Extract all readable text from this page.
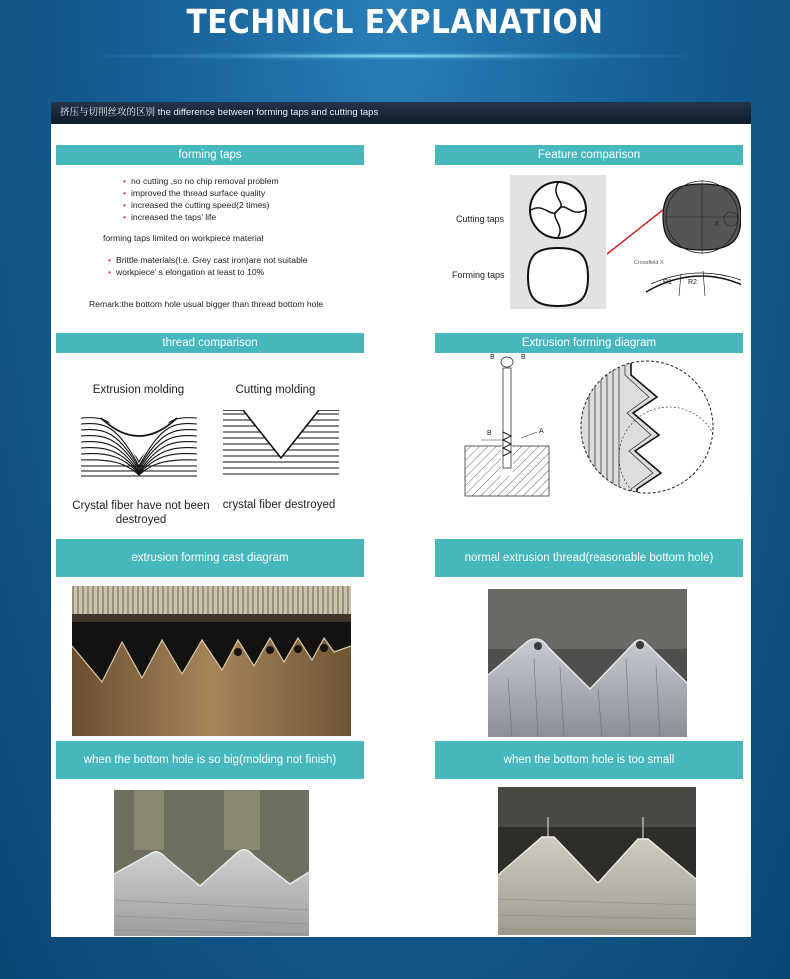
TECHNICL EXPLANATION
挤压与切削丝攻的区别 the difference between forming taps and cutting taps
forming taps
• no cutting ,so no chip removal problem
• improved the thread surface quality
• increased the cutting speed(2 times)
• increased the taps’ life
forming taps limited on workpiece material
• Brittle materials(I.e. Grey cast iron)are not suitable
• workpiece’ s elongation at least to 10%
Remark:the bottom hole usual bigger than thread bottom hole
Feature comparison
Cutting taps
Forming taps
X
Crossfield X
R1 R2
thread comparison
Extrusion molding	Cutting molding
Crystal fiber have not been destroyed
crystal fiber destroyed
Extrusion forming diagram
B	B
B	A
extrusion forming cast diagram	normal extrusion thread(reasonable bottom hole)
when the bottom hole is so big(molding not finish)	when the bottom hole is too small
